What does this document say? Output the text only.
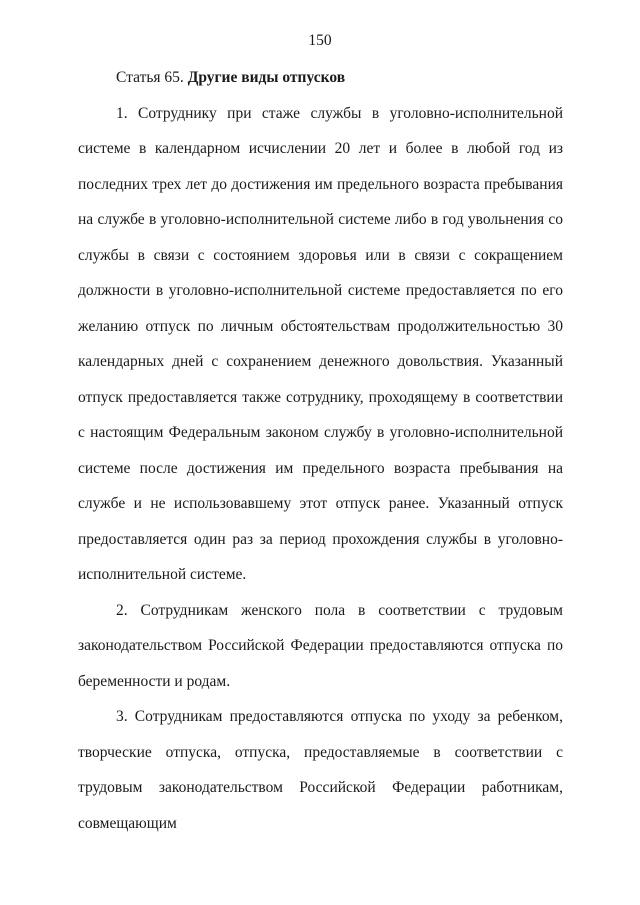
150

Статья 65. Другие виды отпусков

1. Сотруднику при стаже службы в уголовно-исполнительной системе в календарном исчислении 20 лет и более в любой год из последних трех лет до достижения им предельного возраста пребывания на службе в уголовно-исполнительной системе либо в год увольнения со службы в связи с состоянием здоровья или в связи с сокращением должности в уголовно-исполнительной системе предоставляется по его желанию отпуск по личным обстоятельствам продолжительностью 30 календарных дней с сохранением денежного довольствия. Указанный отпуск предоставляется также сотруднику, проходящему в соответствии с настоящим Федеральным законом службу в уголовно-исполнительной системе после достижения им предельного возраста пребывания на службе и не использовавшему этот отпуск ранее. Указанный отпуск предоставляется один раз за период прохождения службы в уголовно-исполнительной системе.

2. Сотрудникам женского пола в соответствии с трудовым законодательством Российской Федерации предоставляются отпуска по беременности и родам.

3. Сотрудникам предоставляются отпуска по уходу за ребенком, творческие отпуска, отпуска, предоставляемые в соответствии с трудовым законодательством Российской Федерации работникам, совмещающим
